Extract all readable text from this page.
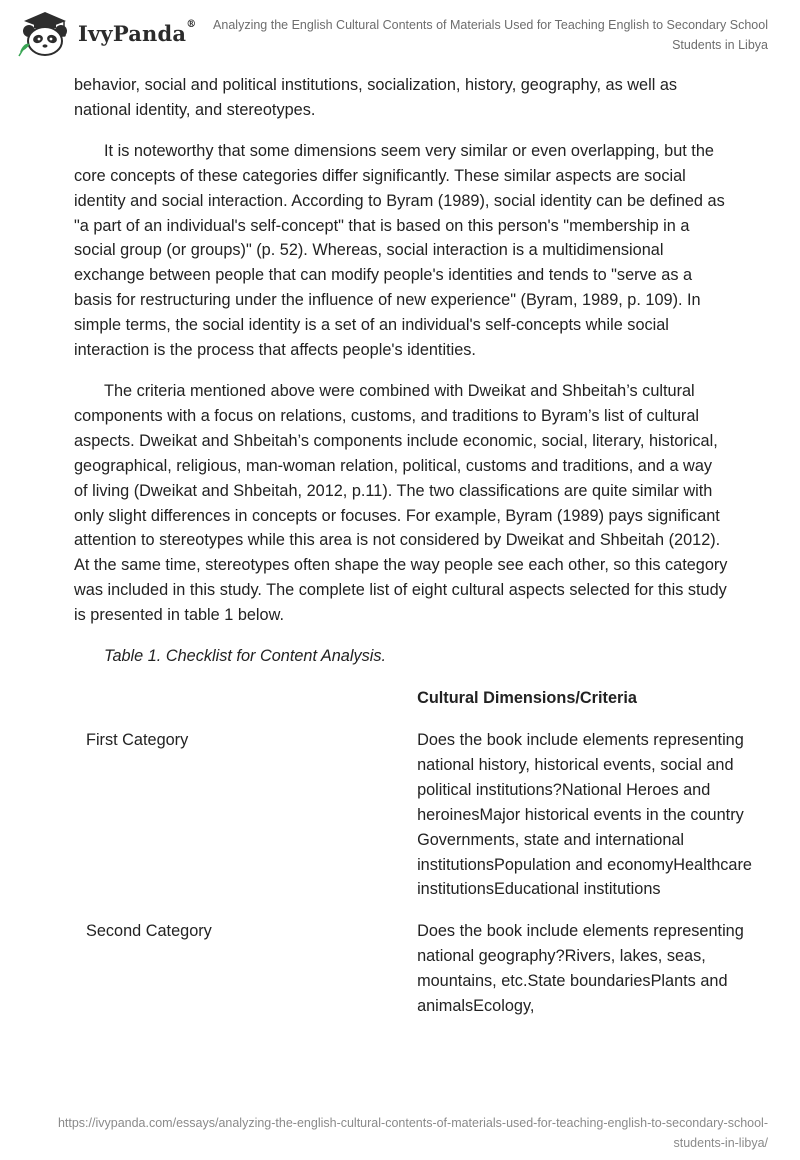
IvyPanda®	Analyzing the English Cultural Contents of Materials Used for Teaching English to Secondary School Students in Libya

behavior, social and political institutions, socialization, history, geography, as well as national identity, and stereotypes.

It is noteworthy that some dimensions seem very similar or even overlapping, but the core concepts of these categories differ significantly. These similar aspects are social identity and social interaction. According to Byram (1989), social identity can be defined as "a part of an individual's self-concept" that is based on this person's "membership in a social group (or groups)" (p. 52). Whereas, social interaction is a multidimensional exchange between people that can modify people's identities and tends to "serve as a basis for restructuring under the influence of new experience" (Byram, 1989, p. 109). In simple terms, the social identity is a set of an individual's self-concepts while social interaction is the process that affects people's identities.

The criteria mentioned above were combined with Dweikat and Shbeitah’s cultural components with a focus on relations, customs, and traditions to Byram’s list of cultural aspects. Dweikat and Shbeitah’s components include economic, social, literary, historical, geographical, religious, man-woman relation, political, customs and traditions, and a way of living (Dweikat and Shbeitah, 2012, p.11). The two classifications are quite similar with only slight differences in concepts or focuses. For example, Byram (1989) pays significant attention to stereotypes while this area is not considered by Dweikat and Shbeitah (2012). At the same time, stereotypes often shape the way people see each other, so this category was included in this study. The complete list of eight cultural aspects selected for this study is presented in table 1 below.

Table 1. Checklist for Content Analysis.

	Cultural Dimensions/Criteria
First Category	Does the book include elements representing national history, historical events, social and political institutions?National Heroes and heroinesMajor historical events in the country Governments, state and international institutionsPopulation and economyHealthcare institutionsEducational institutions
Second Category	Does the book include elements representing national geography?Rivers, lakes, seas, mountains, etc.State boundariesPlants and animalsEcology,
https://ivypanda.com/essays/analyzing-the-english-cultural-contents-of-materials-used-for-teaching-english-to-secondary-school-students-in-libya/
